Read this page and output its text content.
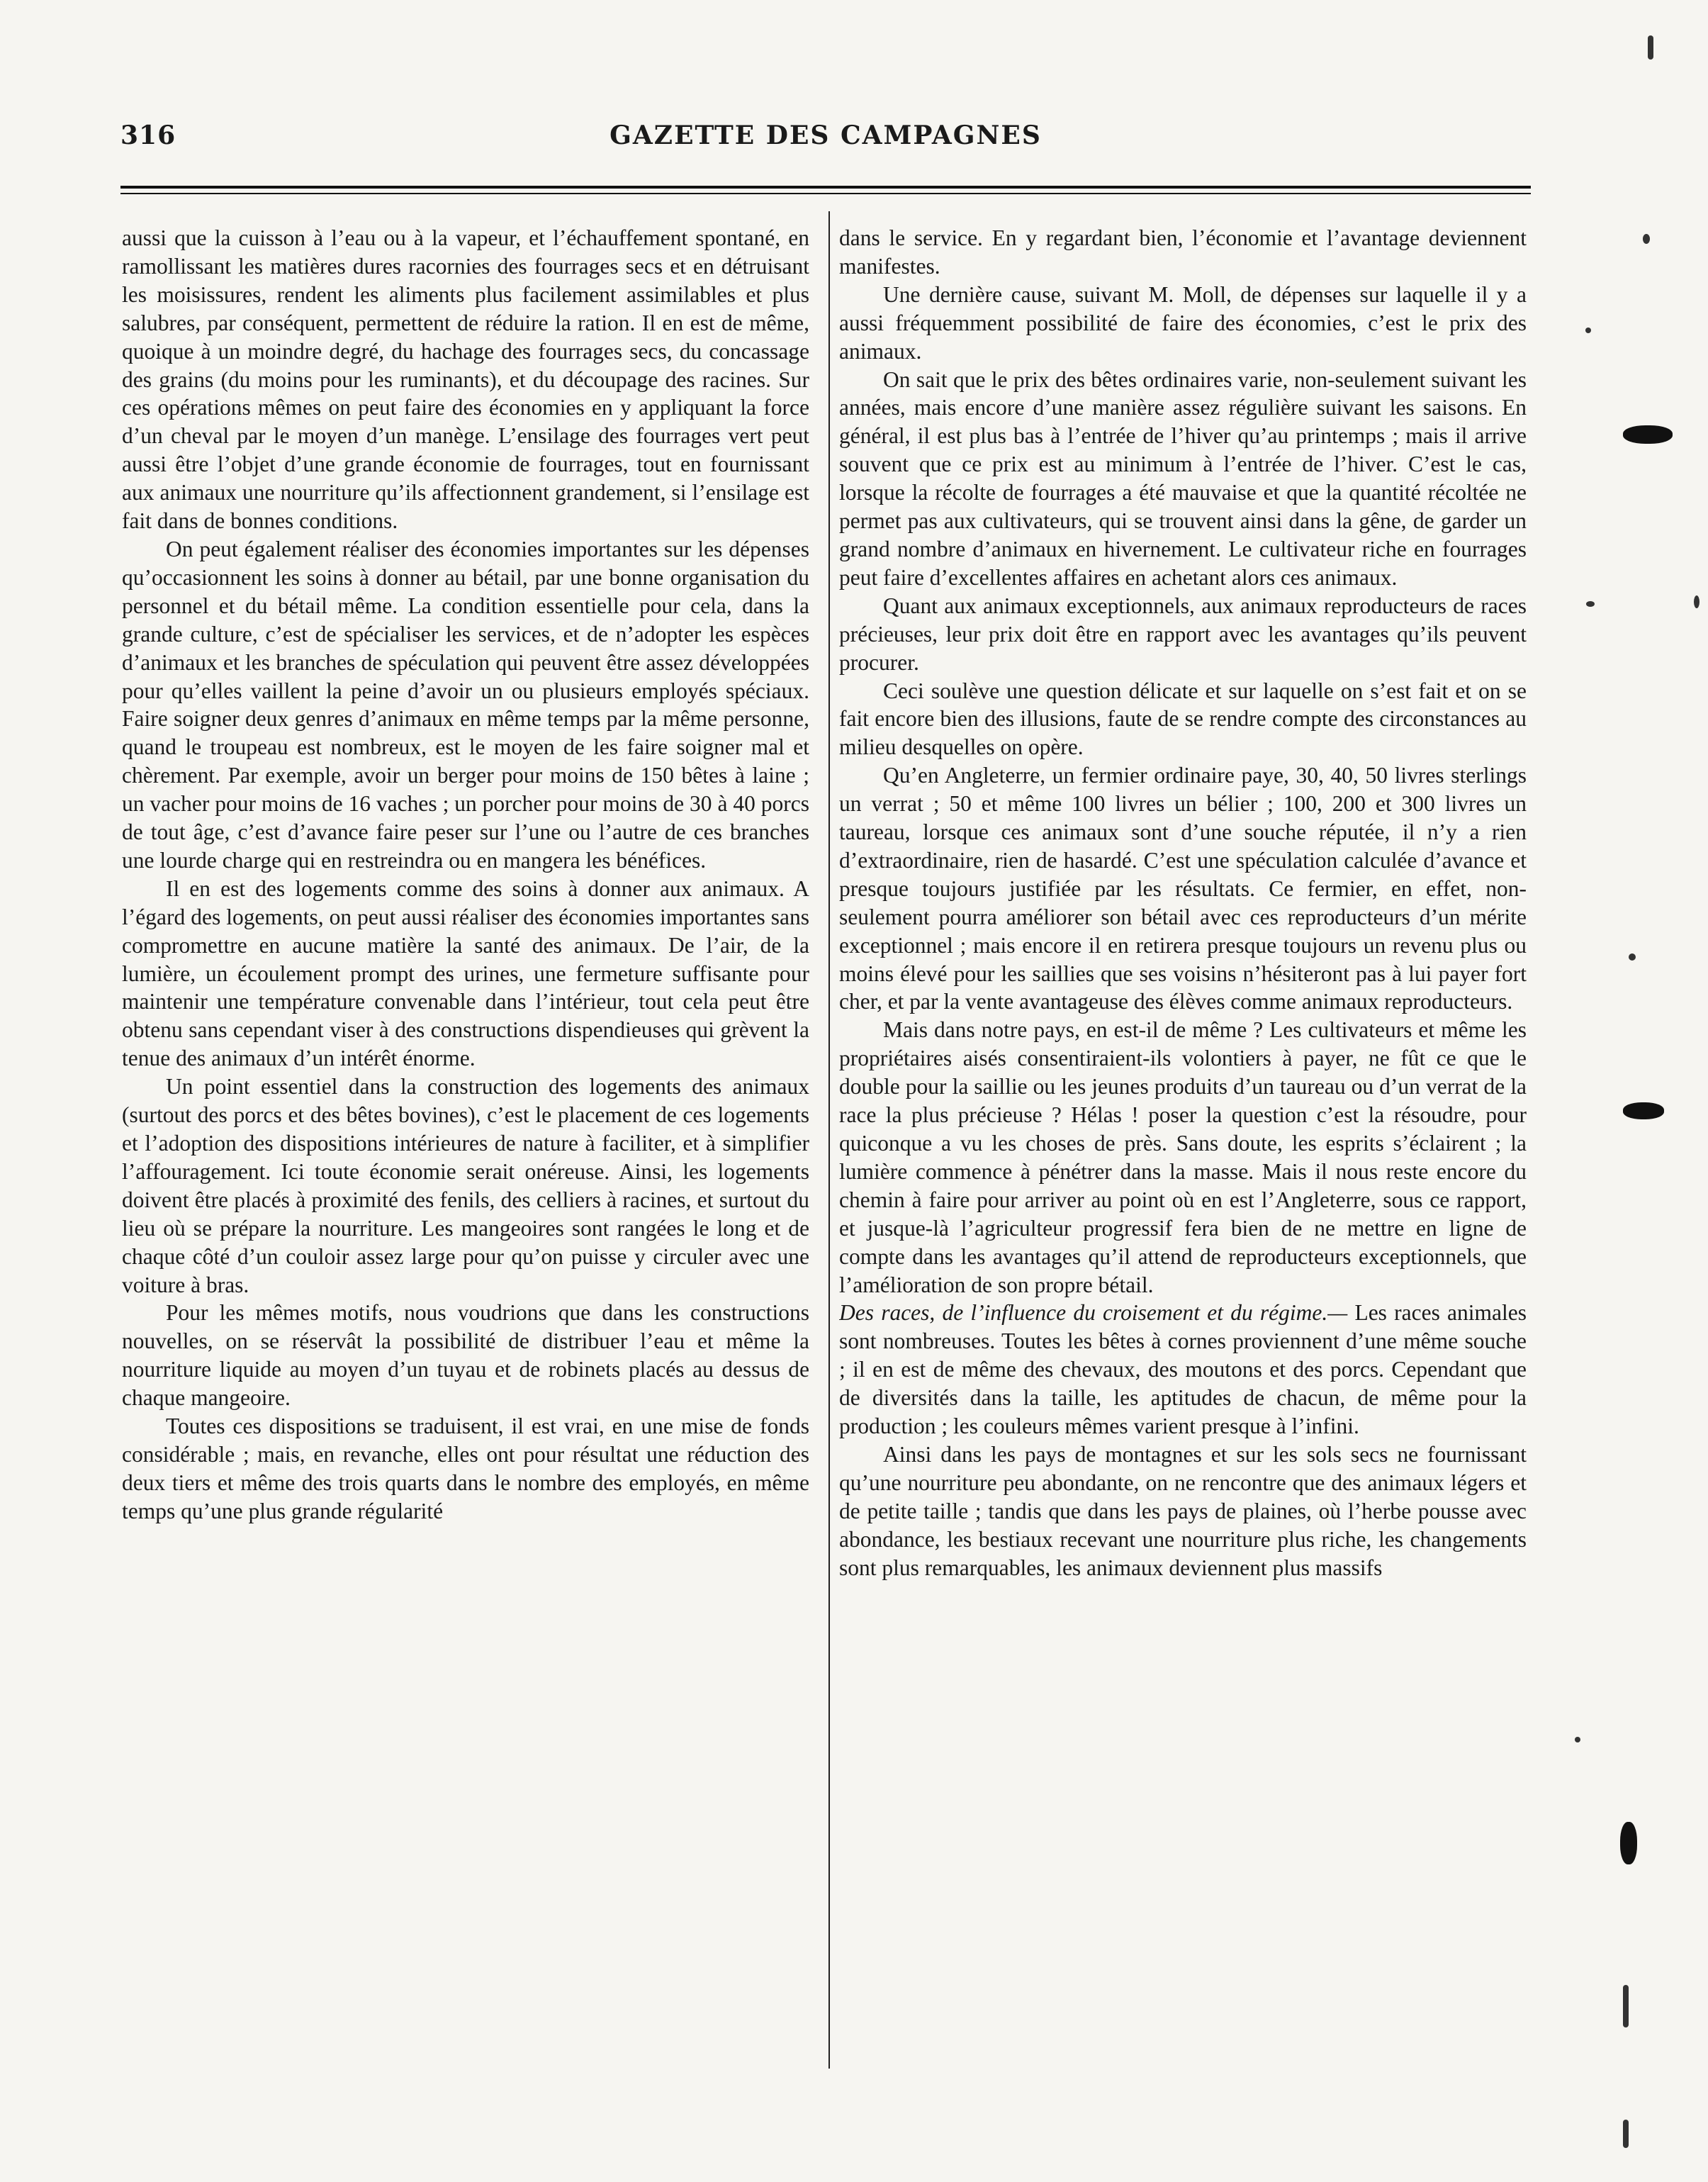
316	GAZETTE DES CAMPAGNES

aussi que la cuisson à l’eau ou à la vapeur, et l’échauffement spontané, en ramollissant les matières dures racornies des fourrages secs et en détruisant les moisissures, rendent les aliments plus facilement assimilables et plus salubres, par conséquent, permettent de réduire la ration. Il en est de même, quoique à un moindre degré, du hachage des fourrages secs, du concassage des grains (du moins pour les ruminants), et du découpage des racines. Sur ces opérations mêmes on peut faire des économies en y appliquant la force d’un cheval par le moyen d’un manège. L’ensilage des fourrages vert peut aussi être l’objet d’une grande économie de fourrages, tout en fournissant aux animaux une nourriture qu’ils affectionnent grandement, si l’ensilage est fait dans de bonnes conditions.

On peut également réaliser des économies importantes sur les dépenses qu’occasionnent les soins à donner au bétail, par une bonne organisation du personnel et du bétail même. La condition essentielle pour cela, dans la grande culture, c’est de spécialiser les services, et de n’adopter les espèces d’animaux et les branches de spéculation qui peuvent être assez développées pour qu’elles vaillent la peine d’avoir un ou plusieurs employés spéciaux. Faire soigner deux genres d’animaux en même temps par la même personne, quand le troupeau est nombreux, est le moyen de les faire soigner mal et chèrement. Par exemple, avoir un berger pour moins de 150 bêtes à laine ; un vacher pour moins de 16 vaches ; un porcher pour moins de 30 à 40 porcs de tout âge, c’est d’avance faire peser sur l’une ou l’autre de ces branches une lourde charge qui en restreindra ou en mangera les bénéfices.

Il en est des logements comme des soins à donner aux animaux. A l’égard des logements, on peut aussi réaliser des économies importantes sans compromettre en aucune matière la santé des animaux. De l’air, de la lumière, un écoulement prompt des urines, une fermeture suffisante pour maintenir une température convenable dans l’intérieur, tout cela peut être obtenu sans cependant viser à des constructions dispendieuses qui grèvent la tenue des animaux d’un intérêt énorme.

Un point essentiel dans la construction des logements des animaux (surtout des porcs et des bêtes bovines), c’est le placement de ces logements et l’adoption des dispositions intérieures de nature à faciliter, et à simplifier l’affouragement. Ici toute économie serait onéreuse. Ainsi, les logements doivent être placés à proximité des fenils, des celliers à racines, et surtout du lieu où se prépare la nourriture. Les mangeoires sont rangées le long et de chaque côté d’un couloir assez large pour qu’on puisse y circuler avec une voiture à bras.

Pour les mêmes motifs, nous voudrions que dans les constructions nouvelles, on se réservât la possibilité de distribuer l’eau et même la nourriture liquide au moyen d’un tuyau et de robinets placés au dessus de chaque mangeoire.

Toutes ces dispositions se traduisent, il est vrai, en une mise de fonds considérable ; mais, en revanche, elles ont pour résultat une réduction des deux tiers et même des trois quarts dans le nombre des employés, en même temps qu’une plus grande régularité

dans le service. En y regardant bien, l’économie et l’avantage deviennent manifestes.

Une dernière cause, suivant M. Moll, de dépenses sur laquelle il y a aussi fréquemment possibilité de faire des économies, c’est le prix des animaux.

On sait que le prix des bêtes ordinaires varie, non-seulement suivant les années, mais encore d’une manière assez régulière suivant les saisons. En général, il est plus bas à l’entrée de l’hiver qu’au printemps ; mais il arrive souvent que ce prix est au minimum à l’entrée de l’hiver. C’est le cas, lorsque la récolte de fourrages a été mauvaise et que la quantité récoltée ne permet pas aux cultivateurs, qui se trouvent ainsi dans la gêne, de garder un grand nombre d’animaux en hivernement. Le cultivateur riche en fourrages peut faire d’excellentes affaires en achetant alors ces animaux.

Quant aux animaux exceptionnels, aux animaux reproducteurs de races précieuses, leur prix doit être en rapport avec les avantages qu’ils peuvent procurer.

Ceci soulève une question délicate et sur laquelle on s’est fait et on se fait encore bien des illusions, faute de se rendre compte des circonstances au milieu desquelles on opère.

Qu’en Angleterre, un fermier ordinaire paye, 30, 40, 50 livres sterlings un verrat ; 50 et même 100 livres un bélier ; 100, 200 et 300 livres un taureau, lorsque ces animaux sont d’une souche réputée, il n’y a rien d’extraordinaire, rien de hasardé. C’est une spéculation calculée d’avance et presque toujours justifiée par les résultats. Ce fermier, en effet, non-seulement pourra améliorer son bétail avec ces reproducteurs d’un mérite exceptionnel ; mais encore il en retirera presque toujours un revenu plus ou moins élevé pour les saillies que ses voisins n’hésiteront pas à lui payer fort cher, et par la vente avantageuse des élèves comme animaux reproducteurs.

Mais dans notre pays, en est-il de même ? Les cultivateurs et même les propriétaires aisés consentiraient-ils volontiers à payer, ne fût ce que le double pour la saillie ou les jeunes produits d’un taureau ou d’un verrat de la race la plus précieuse ? Hélas ! poser la question c’est la résoudre, pour quiconque a vu les choses de près. Sans doute, les esprits s’éclairent ; la lumière commence à pénétrer dans la masse. Mais il nous reste encore du chemin à faire pour arriver au point où en est l’Angleterre, sous ce rapport, et jusque-là l’agriculteur progressif fera bien de ne mettre en ligne de compte dans les avantages qu’il attend de reproducteurs exceptionnels, que l’amélioration de son propre bétail.

Des races, de l’influence du croisement et du régime.— Les races animales sont nombreuses. Toutes les bêtes à cornes proviennent d’une même souche ; il en est de même des chevaux, des moutons et des porcs. Cependant que de diversités dans la taille, les aptitudes de chacun, de même pour la production ; les couleurs mêmes varient presque à l’infini.

Ainsi dans les pays de montagnes et sur les sols secs ne fournissant qu’une nourriture peu abondante, on ne rencontre que des animaux légers et de petite taille ; tandis que dans les pays de plaines, où l’herbe pousse avec abondance, les bestiaux recevant une nourriture plus riche, les changements sont plus remarquables, les animaux deviennent plus massifs
